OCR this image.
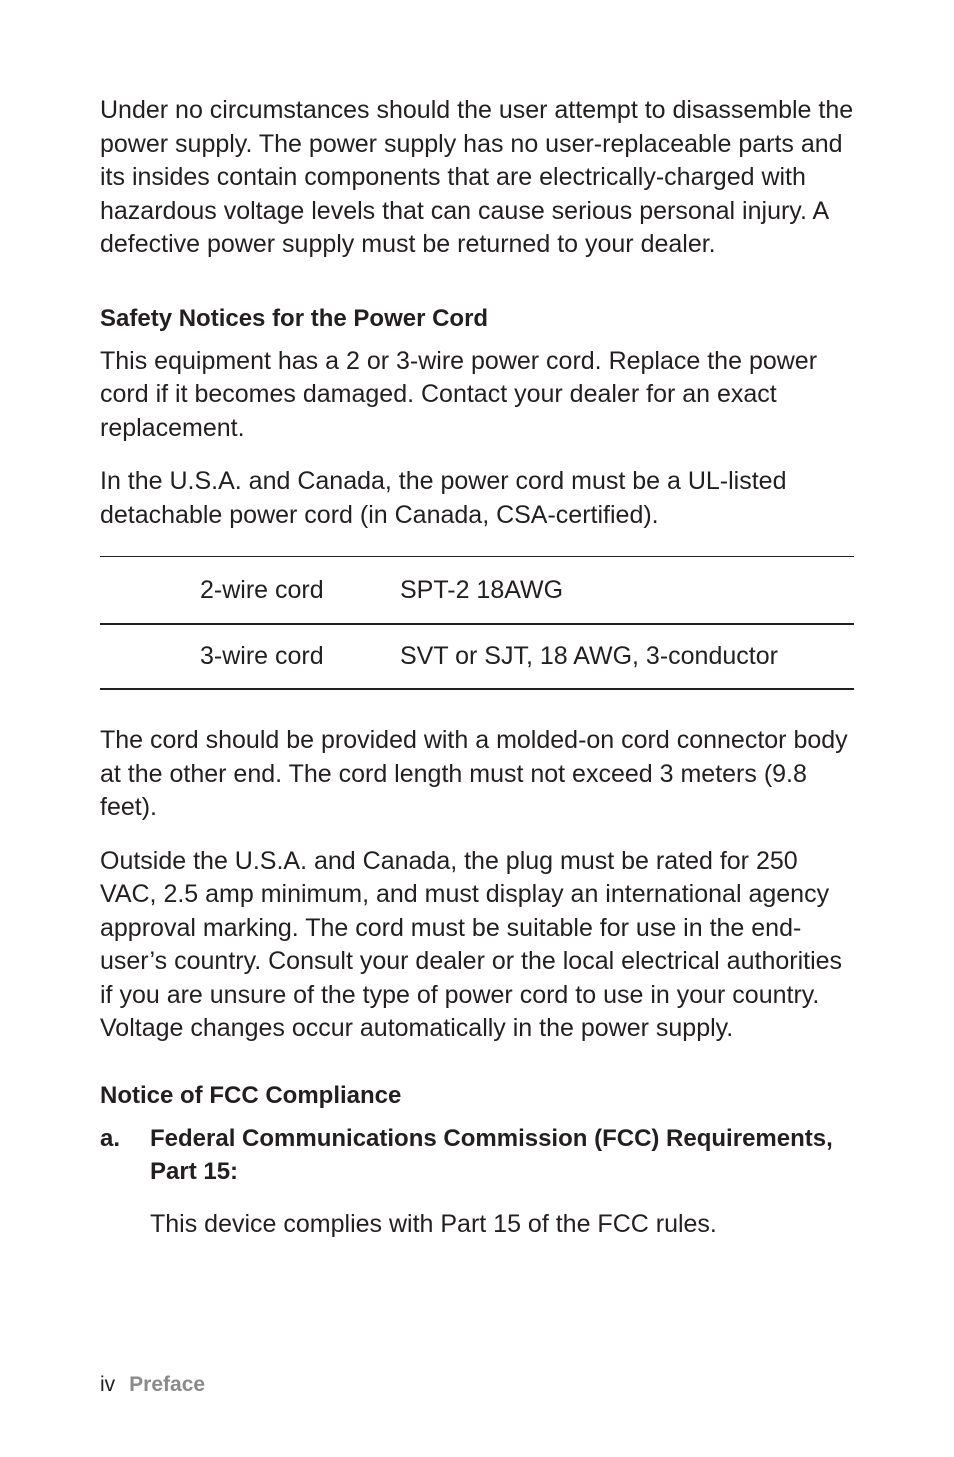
Under no circumstances should the user attempt to disassemble the power supply. The power supply has no user-replaceable parts and its insides contain components that are electrically-charged with hazardous voltage levels that can cause serious personal injury. A defective power supply must be returned to your dealer.

Safety Notices for the Power Cord

This equipment has a 2 or 3-wire power cord. Replace the power cord if it becomes damaged. Contact your dealer for an exact replacement.

In the U.S.A. and Canada, the power cord must be a UL-listed detachable power cord (in Canada, CSA-certified).

	2-wire cord	SPT-2 18AWG
	3-wire cord	SVT or SJT, 18 AWG, 3-conductor

The cord should be provided with a molded-on cord connector body at the other end. The cord length must not exceed 3 meters (9.8 feet).

Outside the U.S.A. and Canada, the plug must be rated for 250 VAC, 2.5 amp minimum, and must display an international agency approval marking. The cord must be suitable for use in the end-user’s country. Consult your dealer or the local electrical authorities if you are unsure of the type of power cord to use in your country. Voltage changes occur automatically in the power supply.

Notice of FCC Compliance
a.	Federal Communications Commission (FCC) Requirements, Part 15:

This device complies with Part 15 of the FCC rules.

iv Preface
